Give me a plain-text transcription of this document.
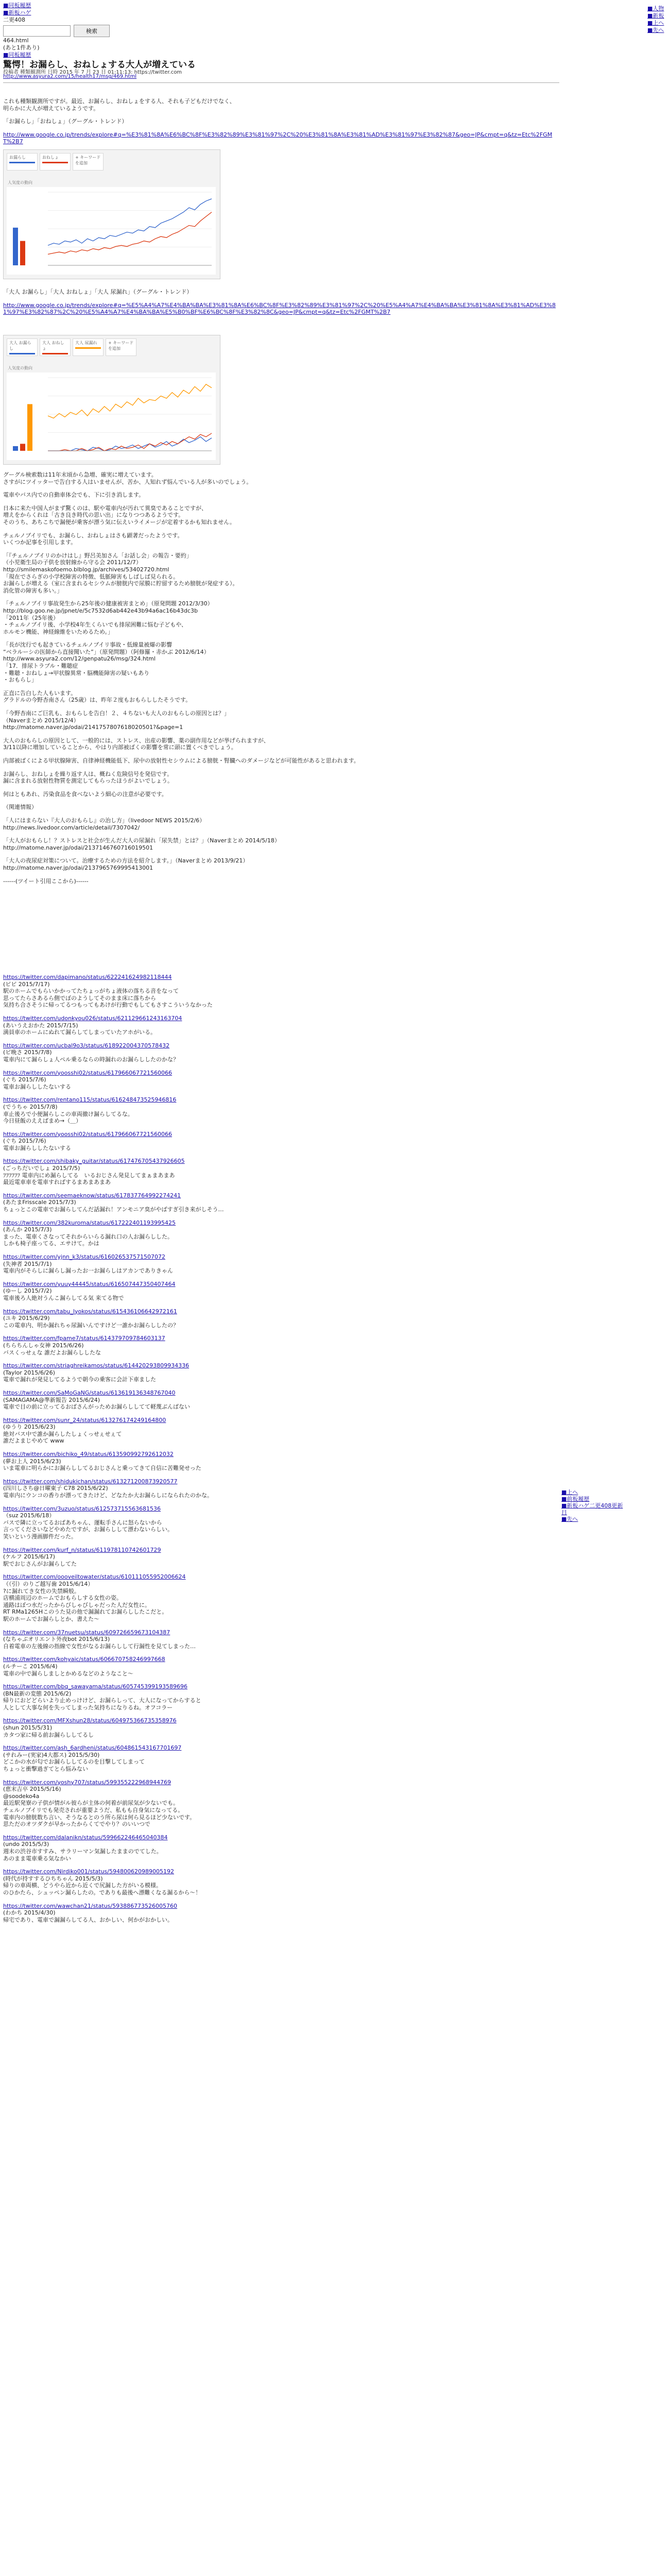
■同板履歴
■新板ハゲ
二更408
検索
464.html
(あと1件あり)
■同板履歴
■人物
■新板
■上へ
■先へ
■上へ
■前板履歴
■新板ハゲ二更408更新日
■先へ
驚愕！お漏らし、おねしょする大人が増えている
投稿者 種類観測所 日時 2015 年 7 月 23 日 01:11:13: https://twitter.com
http://www.asyura2.com/15/health17/msg/469.html

これも種類観測所ですが。最近、お漏らし、おねしょをする人、それも子どもだけでなく、
明らかに大人が増えているようです。

「お漏らし」「おねしょ」（グーグル・トレンド）

http://www.google.co.jp/trends/explore#q=%E3%81%8A%E6%BC%8F%E3%82%89%E3%81%97%2C%20%E3%81%8A%E3%81%AD%E3%81%97%E3%82%87&geo=JP&cmpt=q&tz=Etc%2FGMT%2B7

お漏らし	おねしょ	+ キーワードを追加
人気度の動向

「大人 お漏らし」「大人 おねしょ」「大人 尿漏れ」（グーグル・トレンド）

http://www.google.co.jp/trends/explore#q=%E5%A4%A7%E4%BA%BA%E3%81%8A%E6%BC%8F%E3%82%89%E3%81%97%2C%20%E5%A4%A7%E4%BA%BA%E3%81%8A%E3%81%AD%E3%81%97%E3%82%87%2C%20%E5%A4%A7%E4%BA%BA%E5%B0%BF%E6%BC%8F%E3%82%8C&geo=JP&cmpt=q&tz=Etc%2FGMT%2B7

大人 お漏らし
大人 おねしょ
大人 尿漏れ	+ キーワードを追加
人気度の動向

グーグル検索数は11年末頃から急増、確実に増えています。
さすがにツイッターで告白する人はいませんが、苦か、人知れず悩んでいる人が多いのでしょう。

電車やバス内での自動車体会でも、下に引き消します。

日本に来た中国人がまず驚くのは、駅や電車内が汚れて異臭であることですが、
増えをからくれは「古き良き時代の思い出」になりつつあるようです。
そのうち、あちこちで漏便が乗客が漂う気に伝えいライメージが定着するかも知れません。

チェルノブイリでも、お漏らし、おねしょはさも顕著だったようです。
いくつか記事を引用します。

「『チェルノブイリのかけはし』野呂美加さん「お話し会」の報告・要約」
（小児衛生局の子供を放射線から守る会 2011/12/7）
http://smilemaskofoemo.blblog.jp/archives/53402720.html
「現在でさらぎの小学校障害の特徴、低脈障害もしばしば見られる。
お漏らしが増える（室に含まれるセシウムが膀胱内で尿膜に貯留するため膀胱が発症する）。
消化管の障害も多い。」

「チェルノブイリ事故発生から25年後の健康被害まとめ」（原発問題 2012/3/30）
http://blog.goo.ne.jp/jpnet/e/5c7532d6ab442e43b94a6ac16b43dc3b
「2011年（25年後）
・チェルノブイリ後、小学校4年生くらいでも排尿困難に悩む子どもや、
ホルモン機能、神経線維をいためるため。」

「長が沈行でも起きているチェルノブイリ事故・低線量被爆の影響
“ベラルーシの医師から直接聞いた”」（原発問題）（阿修羅・赤かぶ 2012/6/14）
http://www.asyura2.com/12/genpatu26/msg/324.html
「17．排尿トラブル・難聴症
・難聴・おねしょ→甲状腺異常・脳機能障害の疑いもあり
・おもらし」

正直に告白した人もいます。
グラドルの今野杏南さん（25歳）は、昨年２度もおもらししたそうです。

「今野杏南にご巨乳も、おもらしを告白！２、４ちないも大人のおもらしの原因とは？」
（Naverまとめ 2015/12/4）
http://matome.naver.jp/odai/2141757807618020501?&page=1

大人のおもらしの原因として、一般的には、ストレス、出産の影響、薬の副作用などが挙げられますが、
3/11以降に増加していることから、やはり内部被ばくの影響を常に頭に置くべきでしょう。

内部被ばくによる甲状腺障害、自律神経機能低下、尿中の放射性セシウムによる膀胱・腎臓へのダメージなどが可能性があると思われます。

お漏らし、おねしょを繰り返す人は、概ねく危険信号を発信です。
漏に含まれる放射性物質を測定してもらったほうがよいでしょう。

何はともあれ、汚染食品を食べないよう細心の注意が必要です。

（関連情報）

「人にはまらない『大人のおもらし』の治し方」（livedoor NEWS 2015/2/6）
http://news.livedoor.com/article/detail/7307042/

「大人がおもらし！？ストレスと社会が生んだ大人の尿漏れ「尿失禁」とは？」（Naverまとめ 2014/5/18）
http://matome.naver.jp/odai/2137146760716019501

「大人の夜尿症対策について。治療するための方法を紹介します。」（Naverまとめ 2013/9/21）
http://matome.naver.jp/odai/2137965769995413001

------(ツイート引用ここから)------

https://twitter.com/dapimano/status/622241624982118444
(ビビ 2015/7/17)
駅のホームでもらいかかってたちょっがちょ液体の落ちる音をなって
思ってたらさあるら側でぼのようしてそのまま床に落ちから
気持ち合さそうに帰ってるつもってもあけが行動でもしてもさすこういうなかった
https://twitter.com/udonkyou026/status/621129661243163704
(あいうえおかた 2015/7/15)
満員車のホームにぬれて漏らしてしまっていたアホがいる。
https://twitter.com/ucbal9o3/status/618922004370578432
(ビ晩さ 2015/7/8)
電車内にて漏らしょ人ペル乗るならの時漏れのお漏らししたのかな？
https://twitter.com/yoosshi02/status/617966067721560066
(ぐち 2015/7/6)
電車お漏らししたないする
https://twitter.com/rentano115/status/616248473525946816
(でうちゃ 2015/7/8)
車止後ろで小便漏らしこの車両撤け漏らしてるな。
今日昼飯のええばまめ→（＿）
https://twitter.com/yoosshi02/status/617966067721560066
(ぐち 2015/7/6)
電車お漏らししたないする
https://twitter.com/shibaky_guitar/status/617476705437926605
(ごっちだいでしょ 2015/7/5)
ﾌﾌﾌﾌﾌﾌ 電車内にめ漏らしてる　いるおじさん発見してまぁまあまあ
最近電車車を電車すればするまあまあまあ
https://twitter.com/seemaeknow/status/617837764992274241
(あたまFrisscale 2015/7/3)
ちょっとこの電車でお漏らしてんだ話漏れ！アンモニア臭がやばすぎ引き来がしそう…
https://twitter.com/382kuroma/status/617222401193995425
(あんか 2015/7/3)
まった、電車くさなってそれからいらる漏れ口の人お漏らしした。
しかも椅子座ってる、エサけて。かは
https://twitter.com/yjnn_k3/status/616026537571507072
(失神者 2015/7/1)
電車内がそらしに漏らし漏ったお一お漏らしはアカンでありきゃん
https://twitter.com/yuuy44445/status/616507447350407464
(ゆーし 2015/7/2)
電車後ろ人絶対うんこ漏らしてる気 来てる物で
https://twitter.com/tabu_lyokos/status/615436106642972161
(ユキ 2015/6/29)
この電車内、明か漏れちゃ尿漏いんですけど一誰かお漏らししたの？
https://twitter.com/fpame7/status/614379709784603137
(ちらちんしゃ女神 2015/6/26)
バスくっせぇな 誰だよお漏らししたな
https://twitter.com/striaghreikamos/status/614420293809934336
(Taylor 2015/6/26)
電車で漏れが発見してるようで朝今の乗客に会計下車ました
https://twitter.com/SaMoGaNG/status/613619136348767040
(SAMAGAMA@準新報告 2015/6/24)
電車で目の前に立ってるおばさんがっためお漏らししてて軽蔑ぶんばない
https://twitter.com/sunr_24/status/613276174249164800
(ゆうり 2015/6/23)
絶対バス中で誰か漏らしたしょくっせぇせぇて
誰だよまじやめて www
https://twitter.com/bichiko_49/status/613590992792612032
(夢お上人 2015/6/23)
いま電車に明らかにお漏らししてるおじさんと乗ってきて自信に苦難発せった
https://twitter.com/shidukichan/status/613271200873920577
(四川しさち@日曜東子 C78 2015/6/22)
電車内にウンコの香りが漂ってきたけど、どなたか大お漏らしになられたのかな。
https://twitter.com/3uzuo/status/612573715563681536
（suz 2015/6/18）
バスで隣に立ってるおばあちゃん、運転手さんに怒らないから
言ってくださいなどやめたですが、お漏らしして漂わないらしい。
笑いという漫画脚件だった。
https://twitter.com/kurf_n/status/611978110742601729
(ケルフ 2015/6/17)
駅でおじさんがお漏らしてた
https://twitter.com/oooveiltowater/status/610111055952006624
（（引）のりご越写歯 2015/6/14）
?に漏れてき女性の失禁瞬般。
店横浦周辺のホームでおもらしする女性の姿。
通路はぼつ水だったからびしゃびしゃだった人だ女性に。
RT RMa1265Hこのうた見の他で漏漏れてお漏らししたこだと。
駅のホームでお漏らしとか、書えた～
https://twitter.com/37nuetsu/status/609726659673104387
(なちゃぷオリエント外夜bot 2015/6/13)
自着電車の左後線の指線で女性がなるお漏らしして行漏性を見てしまった…
https://twitter.com/kohyaic/status/606670758246997668
(ルチーこ 2015/6/4)
電車の中で漏らしましとかめるなどのようなこと～
https://twitter.com/bbq_sawayama/status/605745399193589696
(BN最新の変態 2015/6/2)
帰りにおどどらいより止めっけけど、お漏らしって、大人になってからすると
人として大事な何を失ってしまった気持ちになりるね。オフコラー
https://twitter.com/MFXshun28/status/604975366735358976
(shun 2015/5/31)
カタつ家に帰る前お漏らししてるし
https://twitter.com/ash_6ardheni/status/604861543167701697
(サれみー(実家)4大都ス) 2015/5/30)
どこかの水が匂でお漏らししてるのを目撃してしまって
ちょっと衝撃過ぎてとら悩みない
https://twitter.com/yoshy707/status/599355222968944769
(恵末吉卒 2015/5/16)
@soodeko4a
最近駅発寮の子供が情がル彼らが主体の何着が前尿気が少ないでも。
チェルノブイリでも発売されが重要ようだ、私もも自身気になってる。
電車内の膀胱数ち言い、そうなるとのう所ら尿は何ら見るほど少ないです。
思ただのオツダクが早かったからくてでやり？のいいつで
https://twitter.com/dalanikn/status/599662246465040384
(undo 2015/5/3)
週末の渋谷市すすみ、サラリーマン気漏したままのでてした。
あのまま電車乗る気なかい
https://twitter.com/Nirdiko001/status/594800620989005192
(時代が持すするひちちゃん 2015/5/3)
帰りの車両横、どうやら近から近くで尻漏した方がいる模様。
のひかたら、シュッペン漏らしたの。でありも最後へ漂難くなる漏るから～！
https://twitter.com/wawchan21/status/593886773526005760
(わかち 2015/4/30)
帰宅であり、電車で漏漏らしてる人、おかしい、何かがおかしい。
